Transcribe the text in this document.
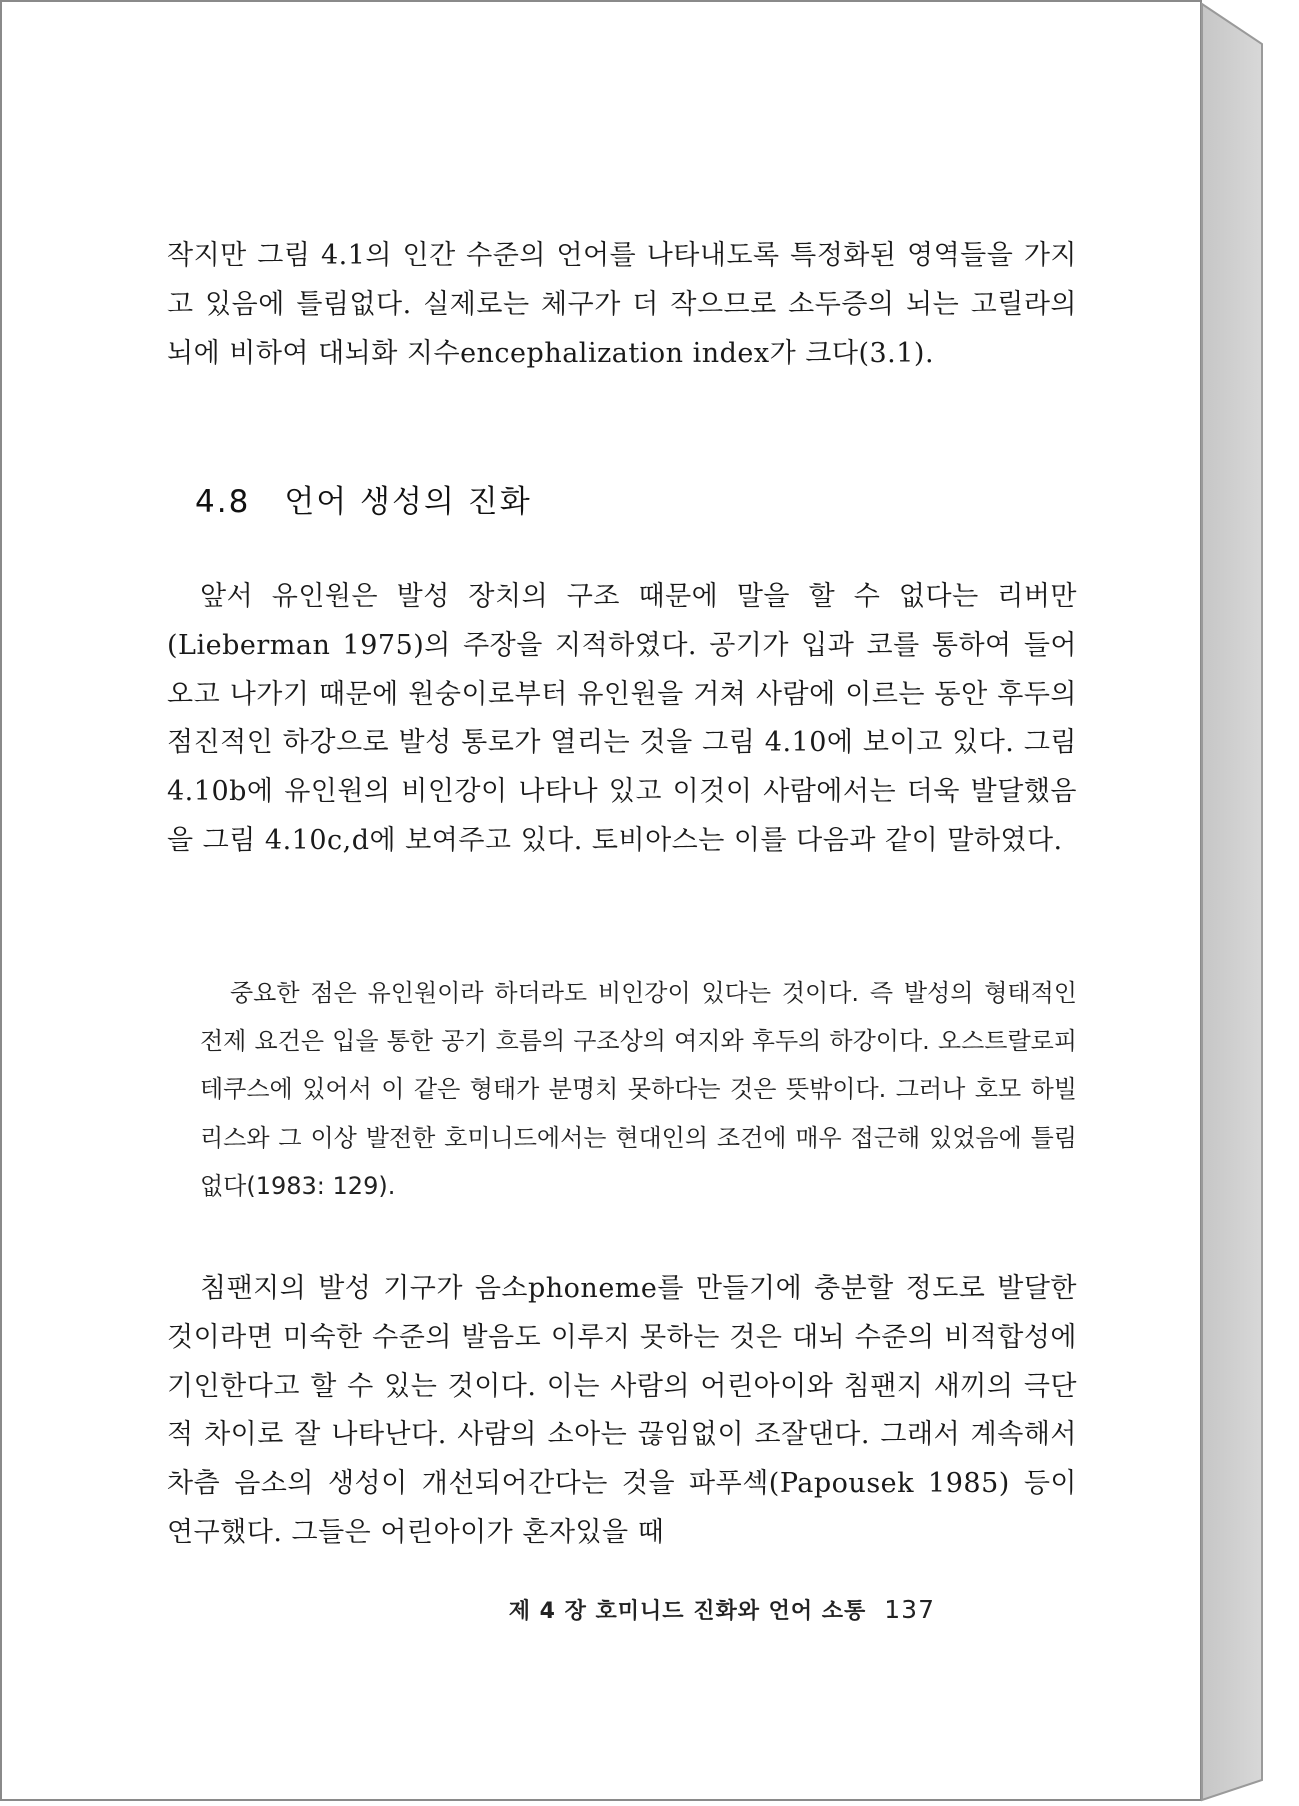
작지만 그림 4.1의 인간 수준의 언어를 나타내도록 특정화된 영역들을 가지고 있음에 틀림없다. 실제로는 체구가 더 작으므로 소두증의 뇌는 고릴라의 뇌에 비하여 대뇌화 지수encephalization index가 크다(3.1).

4.8 언어 생성의 진화

앞서 유인원은 발성 장치의 구조 때문에 말을 할 수 없다는 리버만(Lieberman 1975)의 주장을 지적하였다. 공기가 입과 코를 통하여 들어오고 나가기 때문에 원숭이로부터 유인원을 거쳐 사람에 이르는 동안 후두의 점진적인 하강으로 발성 통로가 열리는 것을 그림 4.10에 보이고 있다. 그림 4.10b에 유인원의 비인강이 나타나 있고 이것이 사람에서는 더욱 발달했음을 그림 4.10c,d에 보여주고 있다. 토비아스는 이를 다음과 같이 말하였다.

중요한 점은 유인원이라 하더라도 비인강이 있다는 것이다. 즉 발성의 형태적인 전제 요건은 입을 통한 공기 흐름의 구조상의 여지와 후두의 하강이다. 오스트랄로피테쿠스에 있어서 이 같은 형태가 분명치 못하다는 것은 뜻밖이다. 그러나 호모 하빌리스와 그 이상 발전한 호미니드에서는 현대인의 조건에 매우 접근해 있었음에 틀림없다(1983: 129).

침팬지의 발성 기구가 음소phoneme를 만들기에 충분할 정도로 발달한 것이라면 미숙한 수준의 발음도 이루지 못하는 것은 대뇌 수준의 비적합성에 기인한다고 할 수 있는 것이다. 이는 사람의 어린아이와 침팬지 새끼의 극단적 차이로 잘 나타난다. 사람의 소아는 끊임없이 조잘댄다. 그래서 계속해서 차츰 음소의 생성이 개선되어간다는 것을 파푸섹(Papousek 1985) 등이 연구했다. 그들은 어린아이가 혼자있을 때

제 4 장 호미니드 진화와 언어 소통 137
